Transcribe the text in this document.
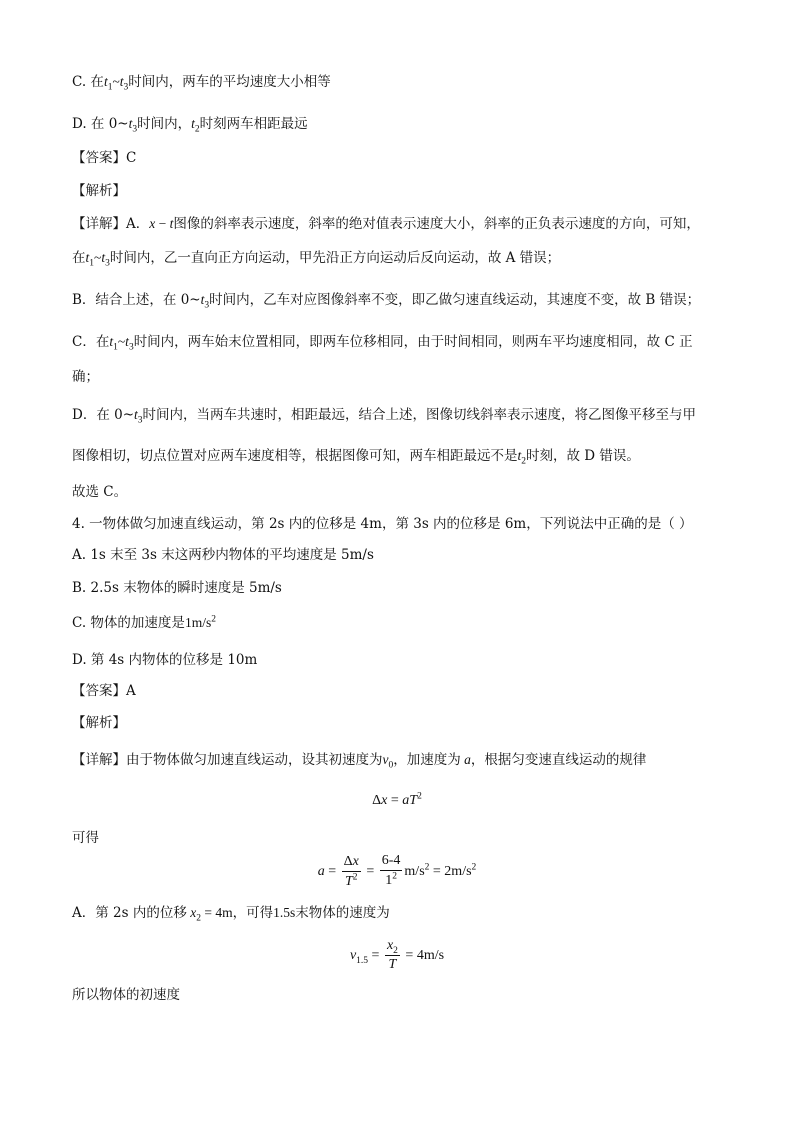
C. 在$t_1\sim t_3$时间内，两车的平均速度大小相等
D. 在 $0\sim t_3$时间内，$t_2$时刻两车相距最远
【答案】C
【解析】
【详解】A．x − t图像的斜率表示速度，斜率的绝对值表示速度大小，斜率的正负表示速度的方向，可知，
在$t_1\sim t_3$时间内，乙一直向正方向运动，甲先沿正方向运动后反向运动，故 A 错误；
B．结合上述，在 $0\sim t_3$时间内，乙车对应图像斜率不变，即乙做匀速直线运动，其速度不变，故 B 错误；
C．在$t_1\sim t_3$时间内，两车始末位置相同，即两车位移相同，由于时间相同，则两车平均速度相同，故 C 正
确；
D．在 $0\sim t_3$时间内，当两车共速时，相距最远，结合上述，图像切线斜率表示速度，将乙图像平移至与甲
图像相切，切点位置对应两车速度相等，根据图像可知，两车相距最远不是$t_2$时刻，故 D 错误。
故选 C。
4. 一物体做匀加速直线运动，第 2s 内的位移是 4m，第 3s 内的位移是 6m，下列说法中正确的是（ ）
A. 1s 末至 3s 末这两秒内物体的平均速度是 5m/s
B. 2.5s 末物体的瞬时速度是 5m/s
C. 物体的加速度是$1m/s^2$
D. 第 4s 内物体的位移是 10m
【答案】A
【解析】
【详解】由于物体做匀加速直线运动，设其初速度为$v_0$，加速度为 a，根据匀变速直线运动的规律
$\Delta x = aT^2$
可得
$a = \frac{\Delta x}{T^2} = \frac{6-4}{1^2} m/s^2 = 2m/s^2$
A．第 2s 内的位移 $x_2 = 4m$，可得1.5s末物体的速度为
$v_{1.5} = \frac{x_2}{T} = 4m/s$
所以物体的初速度
